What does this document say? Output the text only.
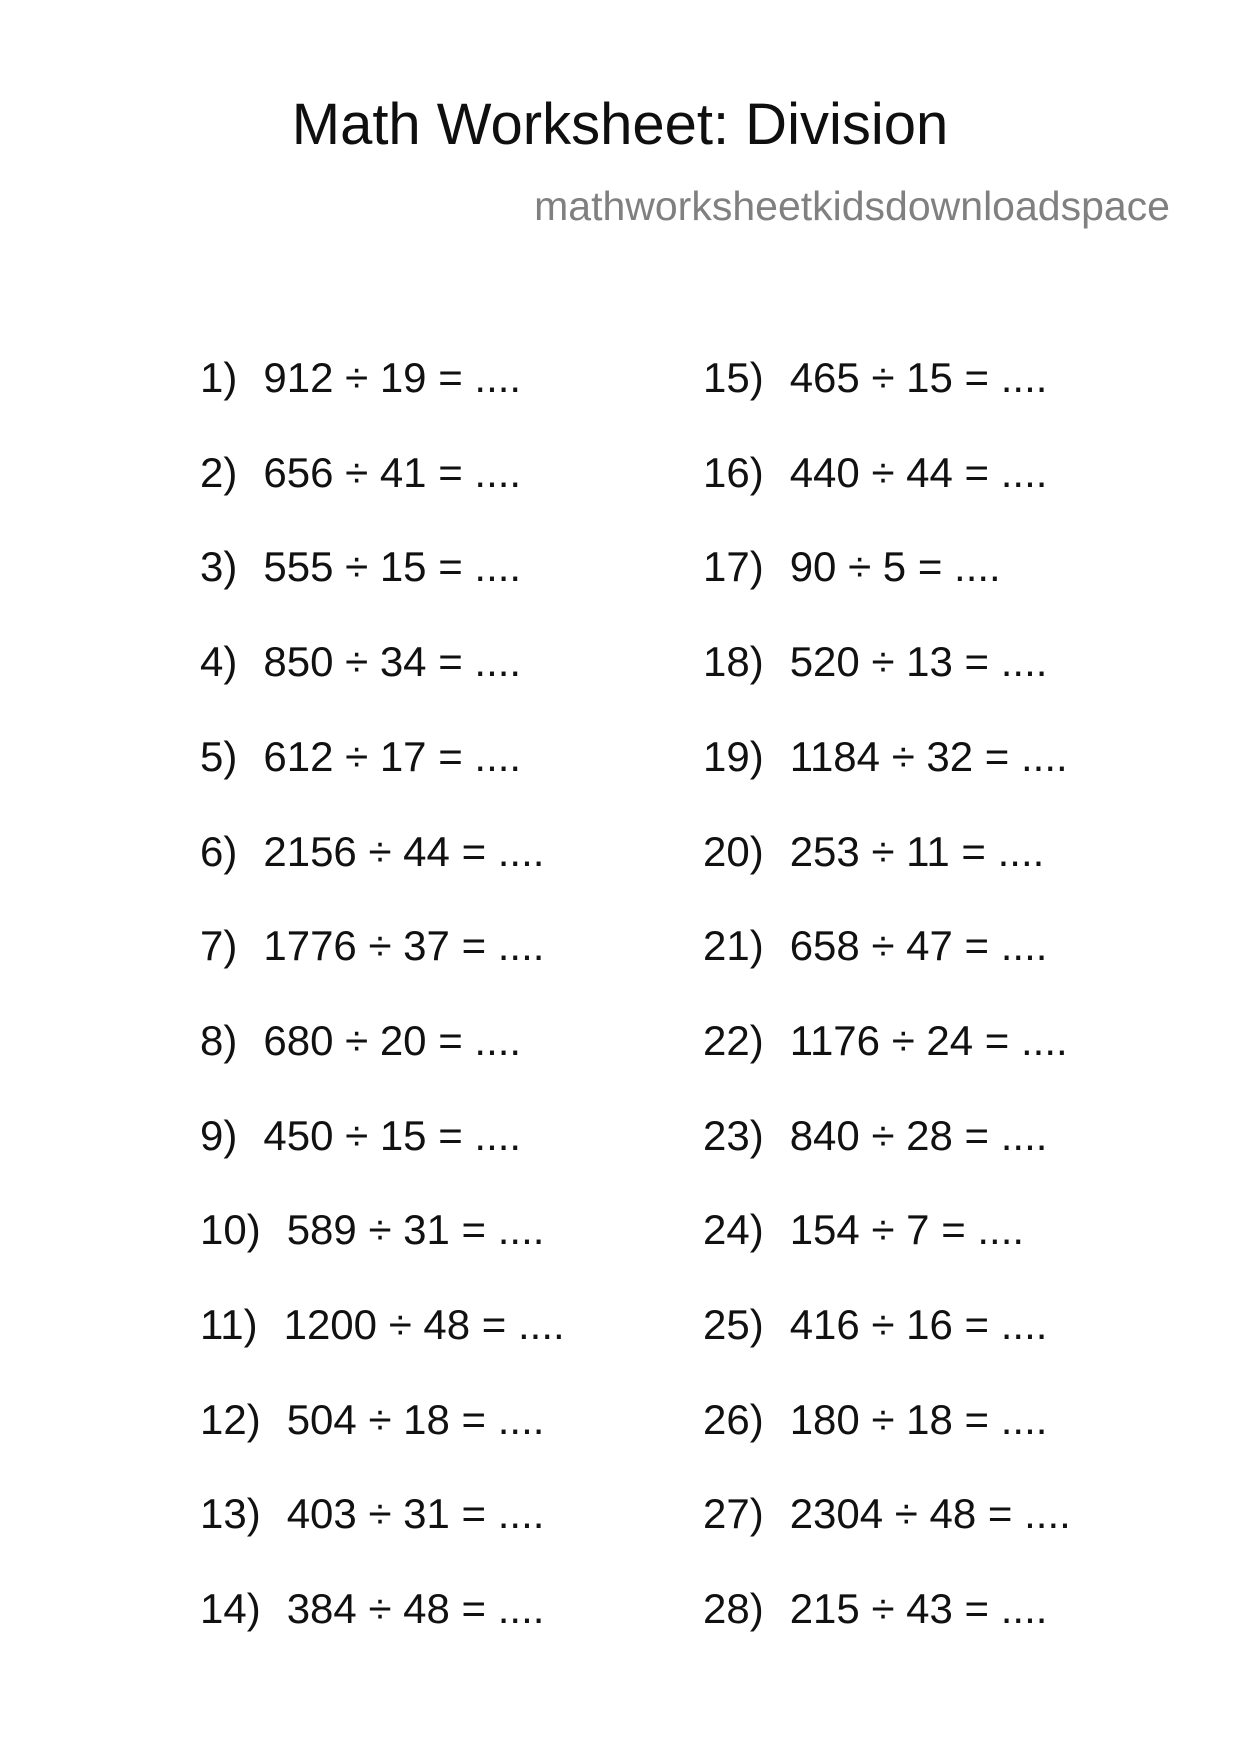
Math Worksheet: Division
mathworksheetkidsdownloadspace
1) 912 ÷ 19 = ....
2) 656 ÷ 41 = ....
3) 555 ÷ 15 = ....
4) 850 ÷ 34 = ....
5) 612 ÷ 17 = ....
6) 2156 ÷ 44 = ....
7) 1776 ÷ 37 = ....
8) 680 ÷ 20 = ....
9) 450 ÷ 15 = ....
10) 589 ÷ 31 = ....
11) 1200 ÷ 48 = ....
12) 504 ÷ 18 = ....
13) 403 ÷ 31 = ....
14) 384 ÷ 48 = ....
15) 465 ÷ 15 = ....
16) 440 ÷ 44 = ....
17) 90 ÷ 5 = ....
18) 520 ÷ 13 = ....
19) 1184 ÷ 32 = ....
20) 253 ÷ 11 = ....
21) 658 ÷ 47 = ....
22) 1176 ÷ 24 = ....
23) 840 ÷ 28 = ....
24) 154 ÷ 7 = ....
25) 416 ÷ 16 = ....
26) 180 ÷ 18 = ....
27) 2304 ÷ 48 = ....
28) 215 ÷ 43 = ....
